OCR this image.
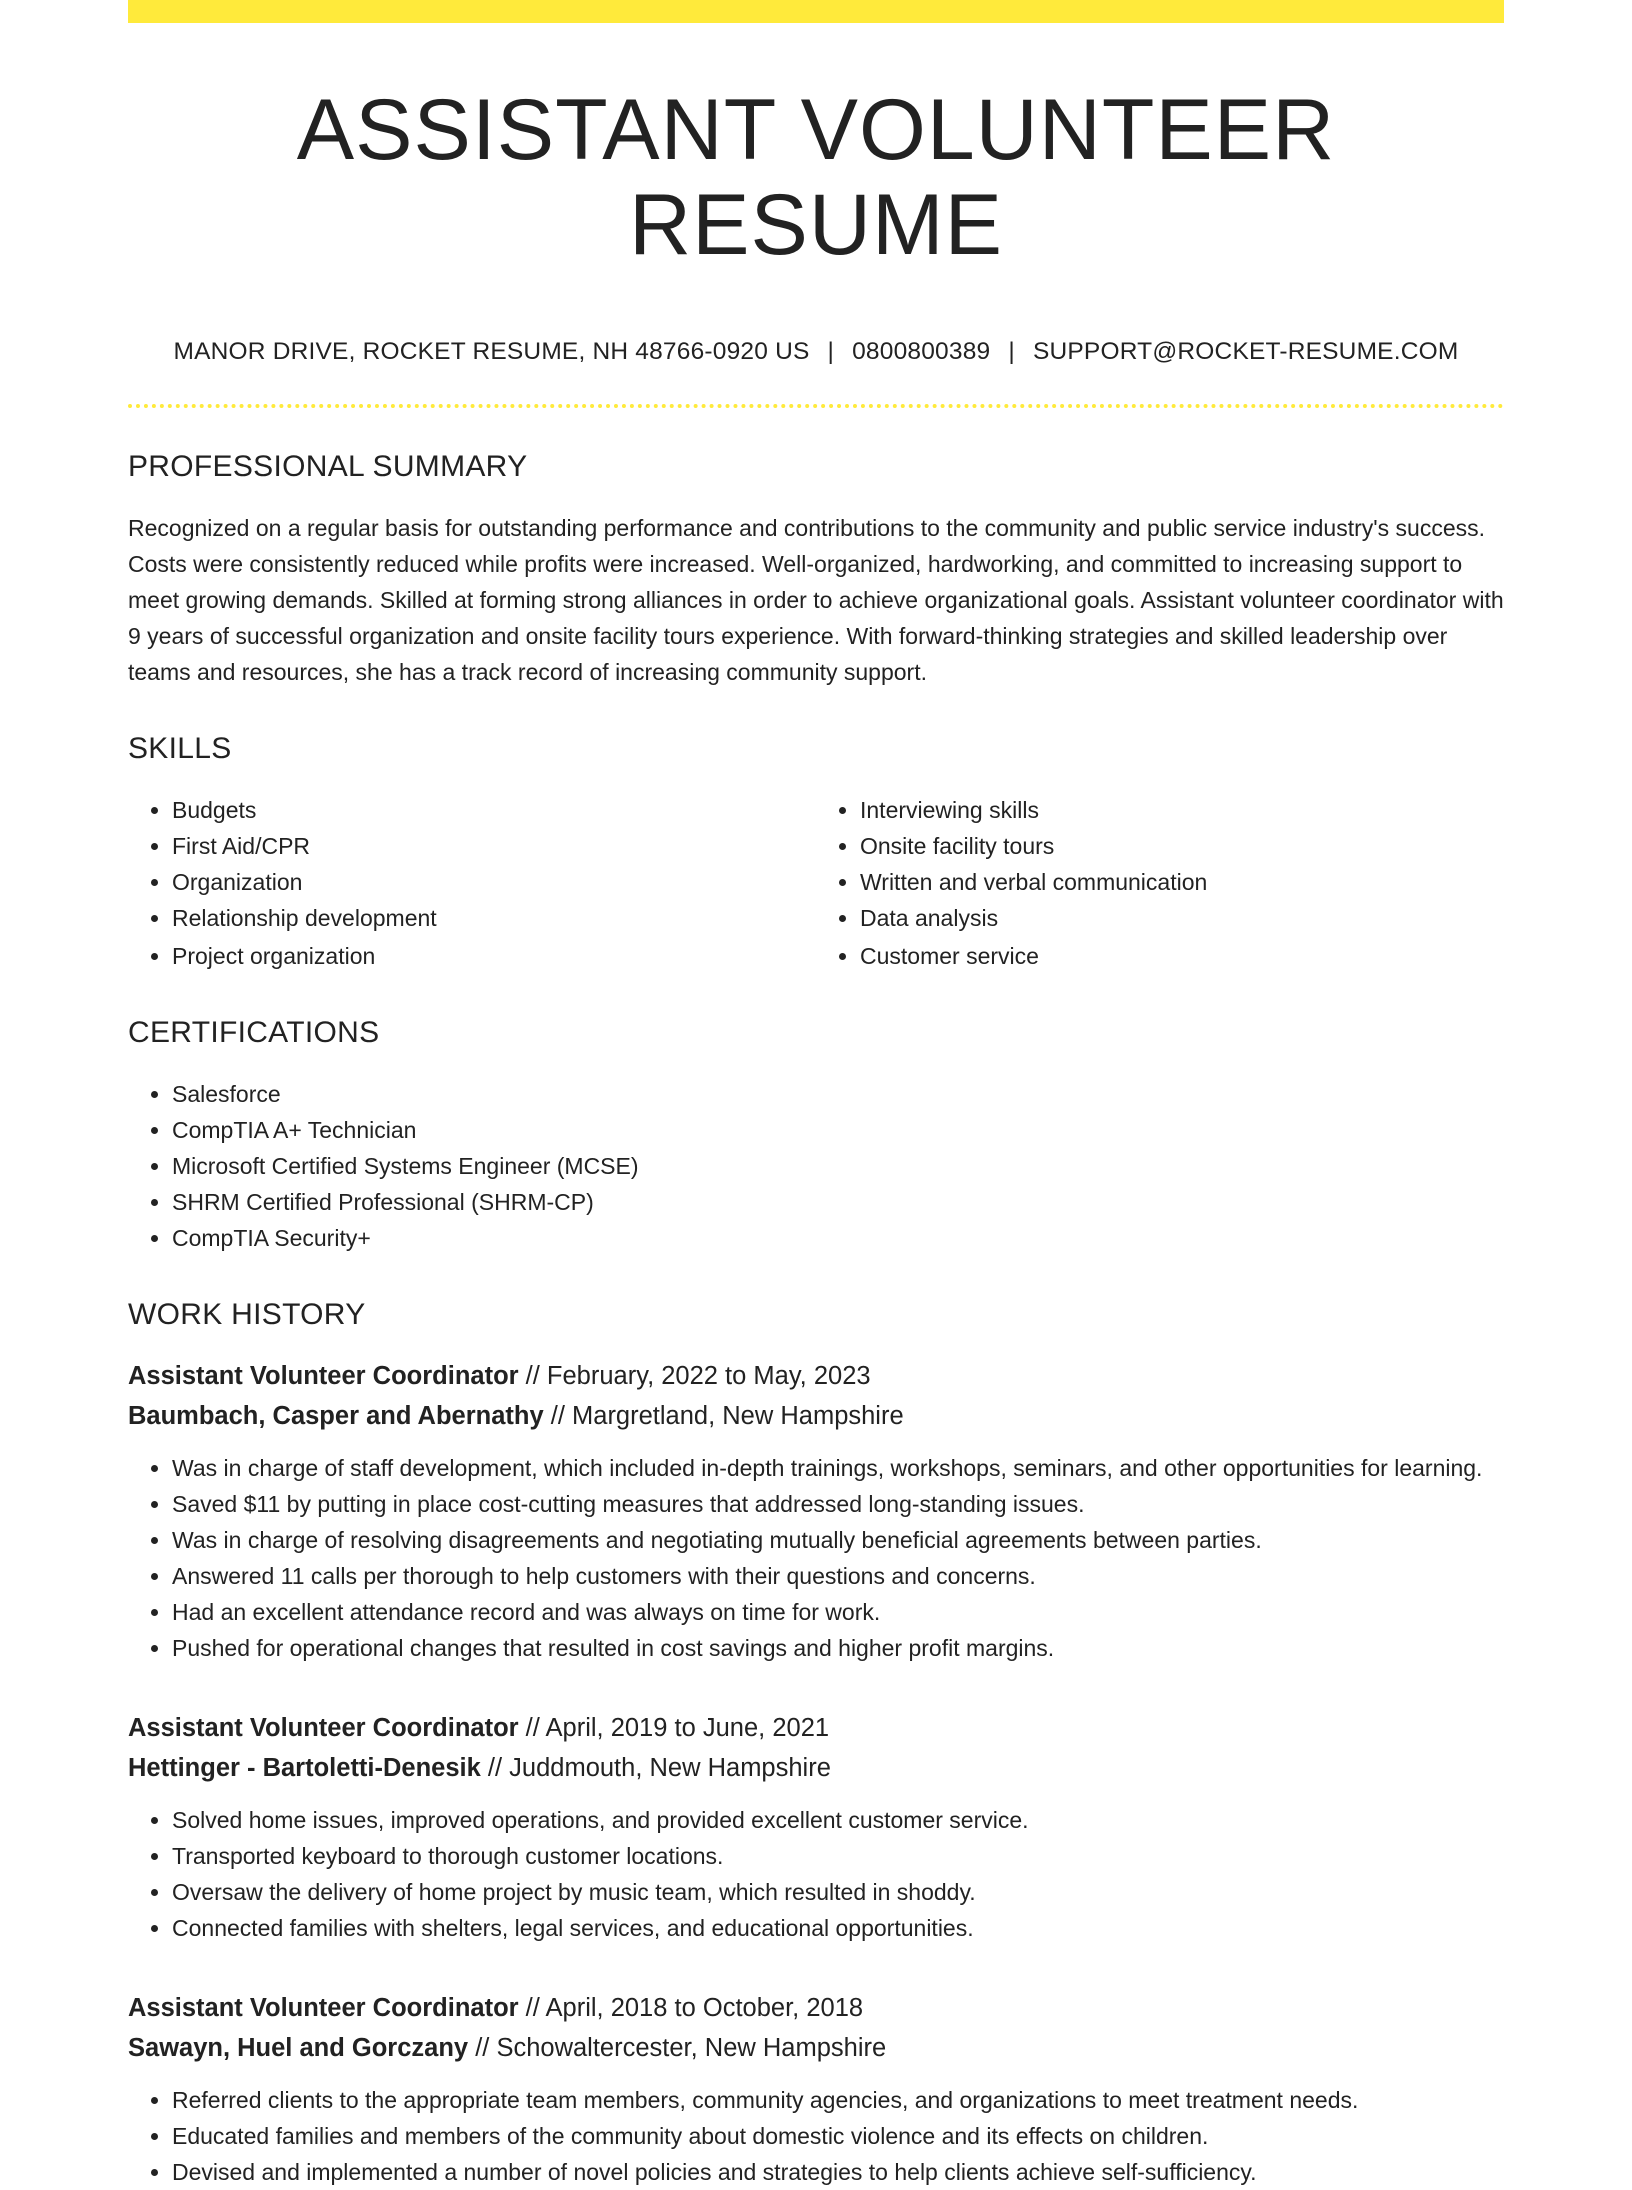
ASSISTANT VOLUNTEER RESUME
MANOR DRIVE, ROCKET RESUME, NH 48766-0920 US | 0800800389 | SUPPORT@ROCKET-RESUME.COM
PROFESSIONAL SUMMARY

Recognized on a regular basis for outstanding performance and contributions to the community and public service industry's success. Costs were consistently reduced while profits were increased. Well-organized, hardworking, and committed to increasing support to meet growing demands. Skilled at forming strong alliances in order to achieve organizational goals. Assistant volunteer coordinator with 9 years of successful organization and onsite facility tours experience. With forward-thinking strategies and skilled leadership over teams and resources, she has a track record of increasing community support.

SKILLS
• Budgets
• First Aid/CPR
• Organization
• Relationship development
• Project organization
• Interviewing skills
• Onsite facility tours
• Written and verbal communication
• Data analysis
• Customer service
CERTIFICATIONS
• Salesforce
• CompTIA A+ Technician
• Microsoft Certified Systems Engineer (MCSE)
• SHRM Certified Professional (SHRM-CP)
• CompTIA Security+
WORK HISTORY
Assistant Volunteer Coordinator // February, 2022 to May, 2023
Baumbach, Casper and Abernathy // Margretland, New Hampshire
• Was in charge of staff development, which included in-depth trainings, workshops, seminars, and other opportunities for learning.
• Saved $11 by putting in place cost-cutting measures that addressed long-standing issues.
• Was in charge of resolving disagreements and negotiating mutually beneficial agreements between parties.
• Answered 11 calls per thorough to help customers with their questions and concerns.
• Had an excellent attendance record and was always on time for work.
• Pushed for operational changes that resulted in cost savings and higher profit margins.
Assistant Volunteer Coordinator // April, 2019 to June, 2021
Hettinger - Bartoletti-Denesik // Juddmouth, New Hampshire
• Solved home issues, improved operations, and provided excellent customer service.
• Transported keyboard to thorough customer locations.
• Oversaw the delivery of home project by music team, which resulted in shoddy.
• Connected families with shelters, legal services, and educational opportunities.
Assistant Volunteer Coordinator // April, 2018 to October, 2018
Sawayn, Huel and Gorczany // Schowaltercester, New Hampshire
• Referred clients to the appropriate team members, community agencies, and organizations to meet treatment needs.
• Educated families and members of the community about domestic violence and its effects on children.
• Devised and implemented a number of novel policies and strategies to help clients achieve self-sufficiency.
